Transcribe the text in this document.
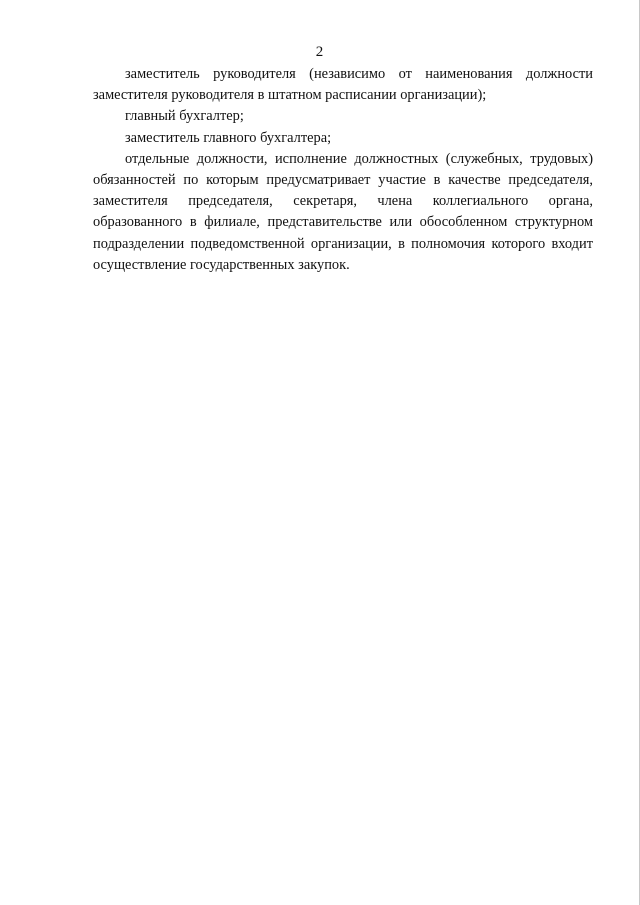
2

заместитель руководителя (независимо от наименования должности заместителя руководителя в штатном расписании организации);

главный бухгалтер;

заместитель главного бухгалтера;

отдельные должности, исполнение должностных (служебных, трудовых) обязанностей по которым предусматривает участие в качестве председателя, заместителя председателя, секретаря, члена коллегиального органа, образованного в филиале, представительстве или обособленном структурном подразделении подведомственной организации, в полномочия которого входит осуществление государственных закупок.
